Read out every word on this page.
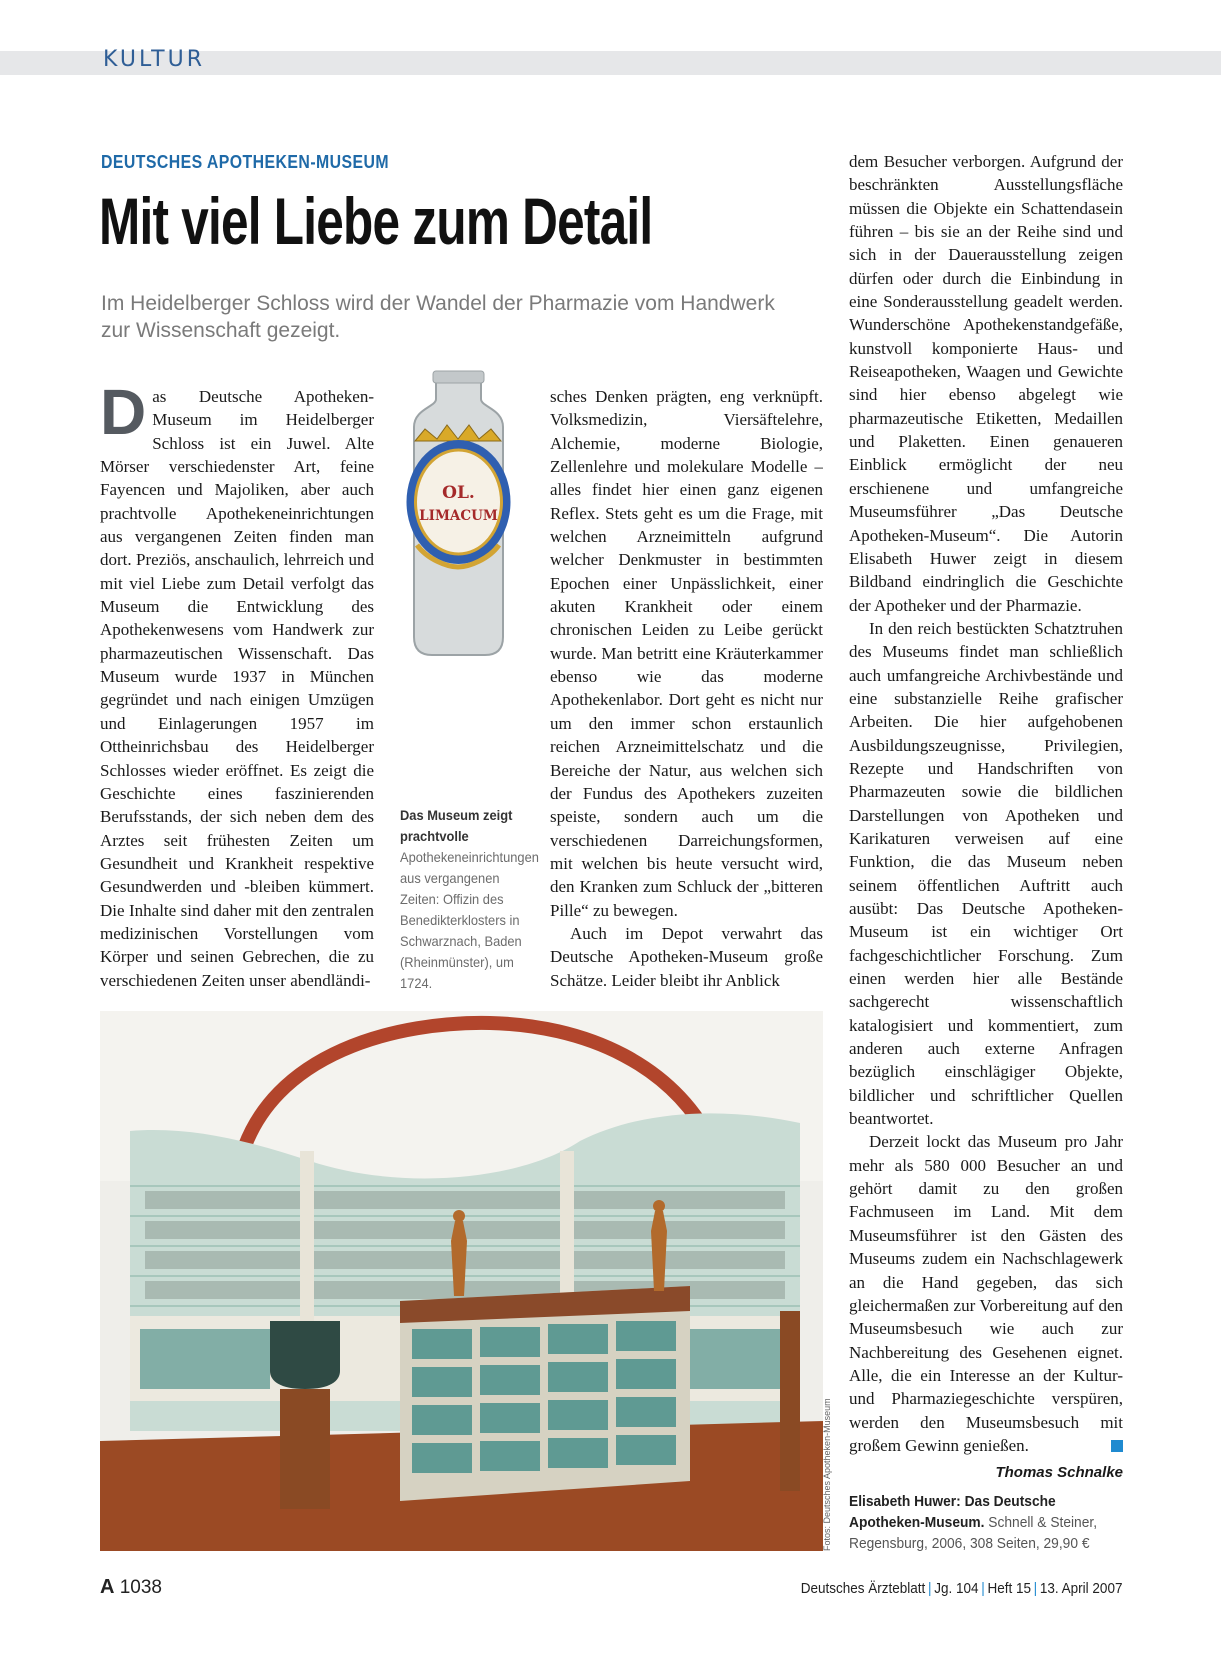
KULTUR
DEUTSCHES APOTHEKEN-MUSEUM
Mit viel Liebe zum Detail

Im Heidelberger Schloss wird der Wandel der Pharmazie vom Handwerk zur Wissenschaft gezeigt.

Das Deutsche Apotheken-Museum im Heidelberger Schloss ist ein Juwel. Alte Mörser verschiedenster Art, feine Fayencen und Majoliken, aber auch prachtvolle Apothekeneinrichtungen aus vergangenen Zeiten finden man dort. Preziös, anschaulich, lehrreich und mit viel Liebe zum Detail verfolgt das Museum die Entwicklung des Apothekenwesens vom Handwerk zur pharmazeutischen Wissenschaft. Das Museum wurde 1937 in München gegründet und nach einigen Umzügen und Einlagerungen 1957 im Ottheinrichsbau des Heidelberger Schlosses wieder eröffnet. Es zeigt die Geschichte eines faszinierenden Berufsstands, der sich neben dem des Arztes seit frühesten Zeiten um Gesundheit und Krankheit respektive Gesundwerden und -bleiben kümmert. Die Inhalte sind daher mit den zentralen medizinischen Vorstellungen vom Körper und seinen Gebrechen, die zu verschiedenen Zeiten unser abendländi-

OL.
LIMACUM
Das Museum zeigt prachtvolle
Apothekeneinrichtungen aus vergangenen Zeiten: Offizin des Benedikterklosters in Schwarznach, Baden (Rheinmünster), um 1724.

sches Denken prägten, eng verknüpft. Volksmedizin, Viersäftelehre, Alchemie, moderne Biologie, Zellenlehre und molekulare Modelle – alles findet hier einen ganz eigenen Reflex. Stets geht es um die Frage, mit welchen Arzneimitteln aufgrund welcher Denkmuster in bestimmten Epochen einer Unpässlichkeit, einer akuten Krankheit oder einem chronischen Leiden zu Leibe gerückt wurde. Man betritt eine Kräuterkammer ebenso wie das moderne Apothekenlabor. Dort geht es nicht nur um den immer schon erstaunlich reichen Arzneimittelschatz und die Bereiche der Natur, aus welchen sich der Fundus des Apothekers zuzeiten speiste, sondern auch um die verschiedenen Darreichungsformen, mit welchen bis heute versucht wird, den Kranken zum Schluck der „bitteren Pille“ zu bewegen.

Auch im Depot verwahrt das Deutsche Apotheken-Museum große Schätze. Leider bleibt ihr Anblick

dem Besucher verborgen. Aufgrund der beschränkten Ausstellungsfläche müssen die Objekte ein Schattendasein führen – bis sie an der Reihe sind und sich in der Dauerausstellung zeigen dürfen oder durch die Einbindung in eine Sonderausstellung geadelt werden. Wunderschöne Apothekenstandgefäße, kunstvoll komponierte Haus- und Reiseapotheken, Waagen und Gewichte sind hier ebenso abgelegt wie pharmazeutische Etiketten, Medaillen und Plaketten. Einen genaueren Einblick ermöglicht der neu erschienene und umfangreiche Museumsführer „Das Deutsche Apotheken-Museum“. Die Autorin Elisabeth Huwer zeigt in diesem Bildband eindringlich die Geschichte der Apotheker und der Pharmazie.

In den reich bestückten Schatztruhen des Museums findet man schließlich auch umfangreiche Archivbestände und eine substanzielle Reihe grafischer Arbeiten. Die hier aufgehobenen Ausbildungszeugnisse, Privilegien, Rezepte und Handschriften von Pharmazeuten sowie die bildlichen Darstellungen von Apotheken und Karikaturen verweisen auf eine Funktion, die das Museum neben seinem öffentlichen Auftritt auch ausübt: Das Deutsche Apotheken-Museum ist ein wichtiger Ort fachgeschichtlicher Forschung. Zum einen werden hier alle Bestände sachgerecht wissenschaftlich katalogisiert und kommentiert, zum anderen auch externe Anfragen bezüglich einschlägiger Objekte, bildlicher und schriftlicher Quellen beantwortet.

Derzeit lockt das Museum pro Jahr mehr als 580 000 Besucher an und gehört damit zu den großen Fachmuseen im Land. Mit dem Museumsführer ist den Gästen des Museums zudem ein Nachschlagewerk an die Hand gegeben, das sich gleichermaßen zur Vorbereitung auf den Museumsbesuch wie auch zur Nachbereitung des Gesehenen eignet. Alle, die ein Interesse an der Kultur- und Pharmaziegeschichte verspüren, werden den Museumsbesuch mit großem Gewinn genießen.

Fotos: Deutsches Apotheken-Museum	Thomas Schnalke
Elisabeth Huwer: Das Deutsche Apotheken-Museum. Schnell & Steiner, Regensburg, 2006, 308 Seiten, 29,90 €
A 1038	Deutsches Ärzteblatt | Jg. 104 | Heft 15 | 13. April 2007
